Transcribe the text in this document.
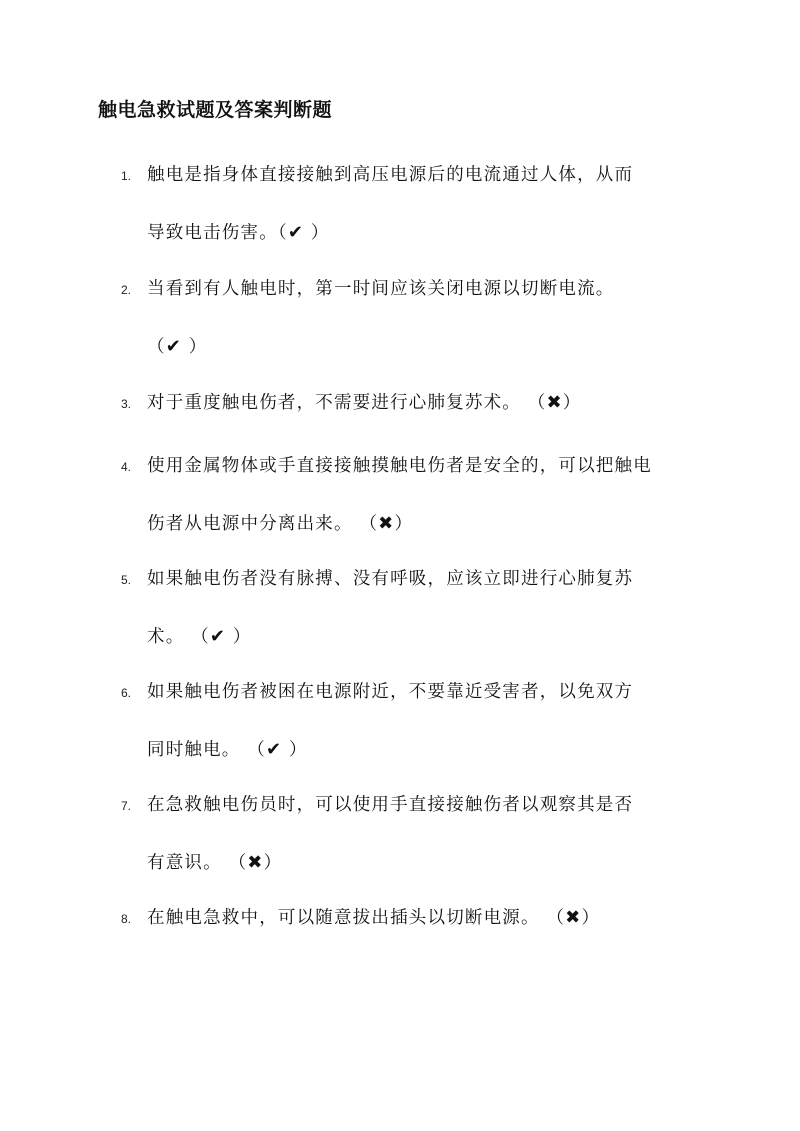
触电急救试题及答案判断题
1. 触电是指身体直接接触到高压电源后的电流通过人体，从而
导致电击伤害。（✔ ）
2. 当看到有人触电时，第一时间应该关闭电源以切断电流。
（✔ ）
3. 对于重度触电伤者，不需要进行心肺复苏术。 （✖）
4. 使用金属物体或手直接接触摸触电伤者是安全的，可以把触电
伤者从电源中分离出来。 （✖）
5. 如果触电伤者没有脉搏、没有呼吸，应该立即进行心肺复苏
术。 （✔ ）
6. 如果触电伤者被困在电源附近，不要靠近受害者，以免双方
同时触电。 （✔ ）
7. 在急救触电伤员时，可以使用手直接接触伤者以观察其是否
有意识。 （✖）
8. 在触电急救中，可以随意拔出插头以切断电源。 （✖）
